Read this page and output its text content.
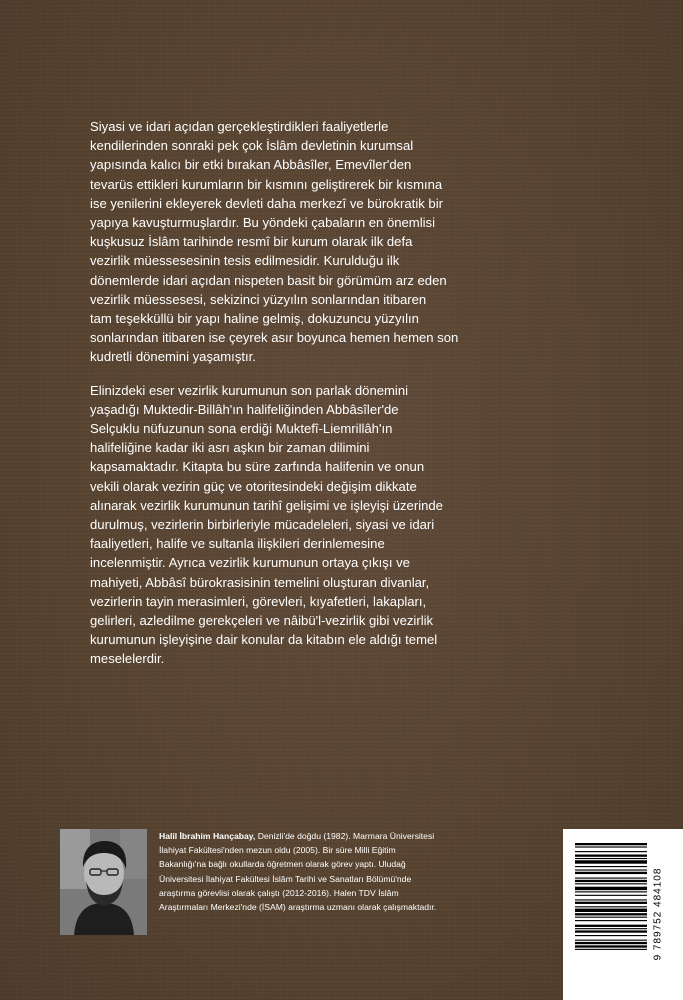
Siyasi ve idari açıdan gerçekleştirdikleri faaliyetlerle
kendilerinden sonraki pek çok İslâm devletinin kurumsal
yapısında kalıcı bir etki bırakan Abbâsîler, Emevîler'den
tevarüs ettikleri kurumların bir kısmını geliştirerek bir kısmına
ise yenilerini ekleyerek devleti daha merkezî ve bürokratik bir
yapıya kavuşturmuşlardır. Bu yöndeki çabaların en önemlisi
kuşkusuz İslâm tarihinde resmî bir kurum olarak ilk defa
vezirlik müessesesinin tesis edilmesidir. Kurulduğu ilk
dönemlerde idari açıdan nispeten basit bir görümüm arz eden
vezirlik müessesesi, sekizinci yüzyılın sonlarından itibaren
tam teşekküllü bir yapı haline gelmiş, dokuzuncu yüzyılın
sonlarından itibaren ise çeyrek asır boyunca hemen hemen son
kudretli dönemini yaşamıştır.

Elinizdeki eser vezirlik kurumunun son parlak dönemini
yaşadığı Muktedir-Billâh'ın halifeliğinden Abbâsîler'de
Selçuklu nüfuzunun sona erdiği Muktefî-Liemrillâh'ın
halifeliğine kadar iki asrı aşkın bir zaman dilimini
kapsamaktadır. Kitapta bu süre zarfında halifenin ve onun
vekili olarak vezirin güç ve otoritesindeki değişim dikkate
alınarak vezirlik kurumunun tarihî gelişimi ve işleyişi üzerinde
durulmuş, vezirlerin birbirleriyle mücadeleleri, siyasi ve idari
faaliyetleri, halife ve sultanla ilişkileri derinlemesine
incelenmiştir. Ayrıca vezirlik kurumunun ortaya çıkışı ve
mahiyeti, Abbâsî bürokrasisinin temelini oluşturan divanlar,
vezirlerin tayin merasimleri, görevleri, kıyafetleri, lakapları,
gelirleri, azledilme gerekçeleri ve nâibü'l-vezirlik gibi vezirlik
kurumunun işleyişine dair konular da kitabın ele aldığı temel
meselelerdir.

Halil İbrahim Hançabay, Denizli'de doğdu (1982). Marmara Üniversitesi
İlahiyat Fakültesi'nden mezun oldu (2005). Bir süre Milli Eğitim
Bakanlığı'na bağlı okullarda öğretmen olarak görev yaptı. Uludağ
Üniversitesi İlahiyat Fakültesi İslâm Tarihi ve Sanatları Bölümü'nde
araştırma görevlisi olarak çalıştı (2012-2016). Halen TDV İslâm
Araştırmaları Merkezi'nde (İSAM) araştırma uzmanı olarak çalışmaktadır.	9 789752 484108
